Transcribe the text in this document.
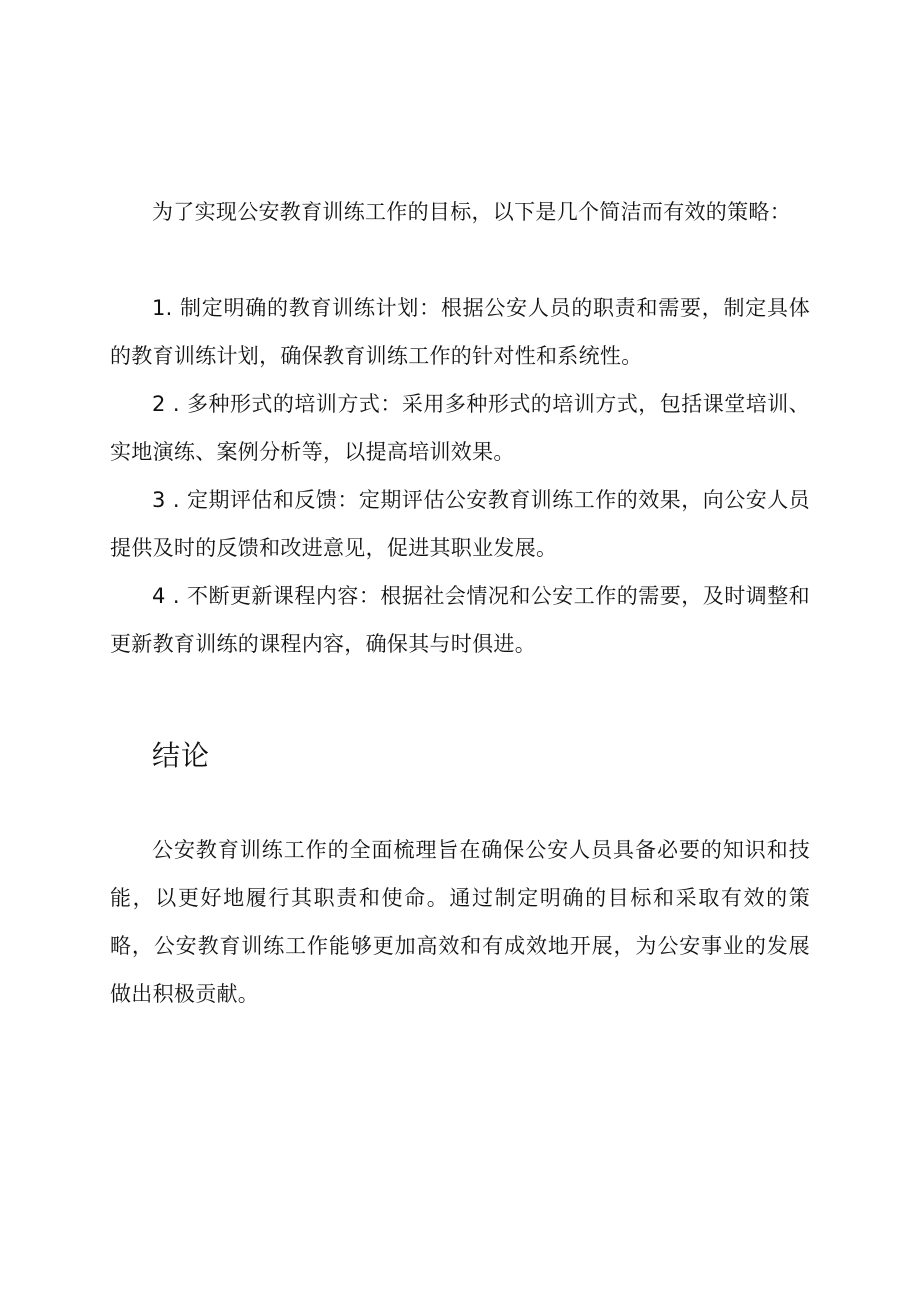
为了实现公安教育训练工作的目标，以下是几个简洁而有效的策略：

1. 制定明确的教育训练计划：根据公安人员的职责和需要，制定具体的教育训练计划，确保教育训练工作的针对性和系统性。

2 . 多种形式的培训方式：采用多种形式的培训方式，包括课堂培训、实地演练、案例分析等，以提高培训效果。

3 . 定期评估和反馈：定期评估公安教育训练工作的效果，向公安人员提供及时的反馈和改进意见，促进其职业发展。

4 . 不断更新课程内容：根据社会情况和公安工作的需要，及时调整和更新教育训练的课程内容，确保其与时俱进。

结论

公安教育训练工作的全面梳理旨在确保公安人员具备必要的知识和技能，以更好地履行其职责和使命。通过制定明确的目标和采取有效的策略，公安教育训练工作能够更加高效和有成效地开展，为公安事业的发展做出积极贡献。
